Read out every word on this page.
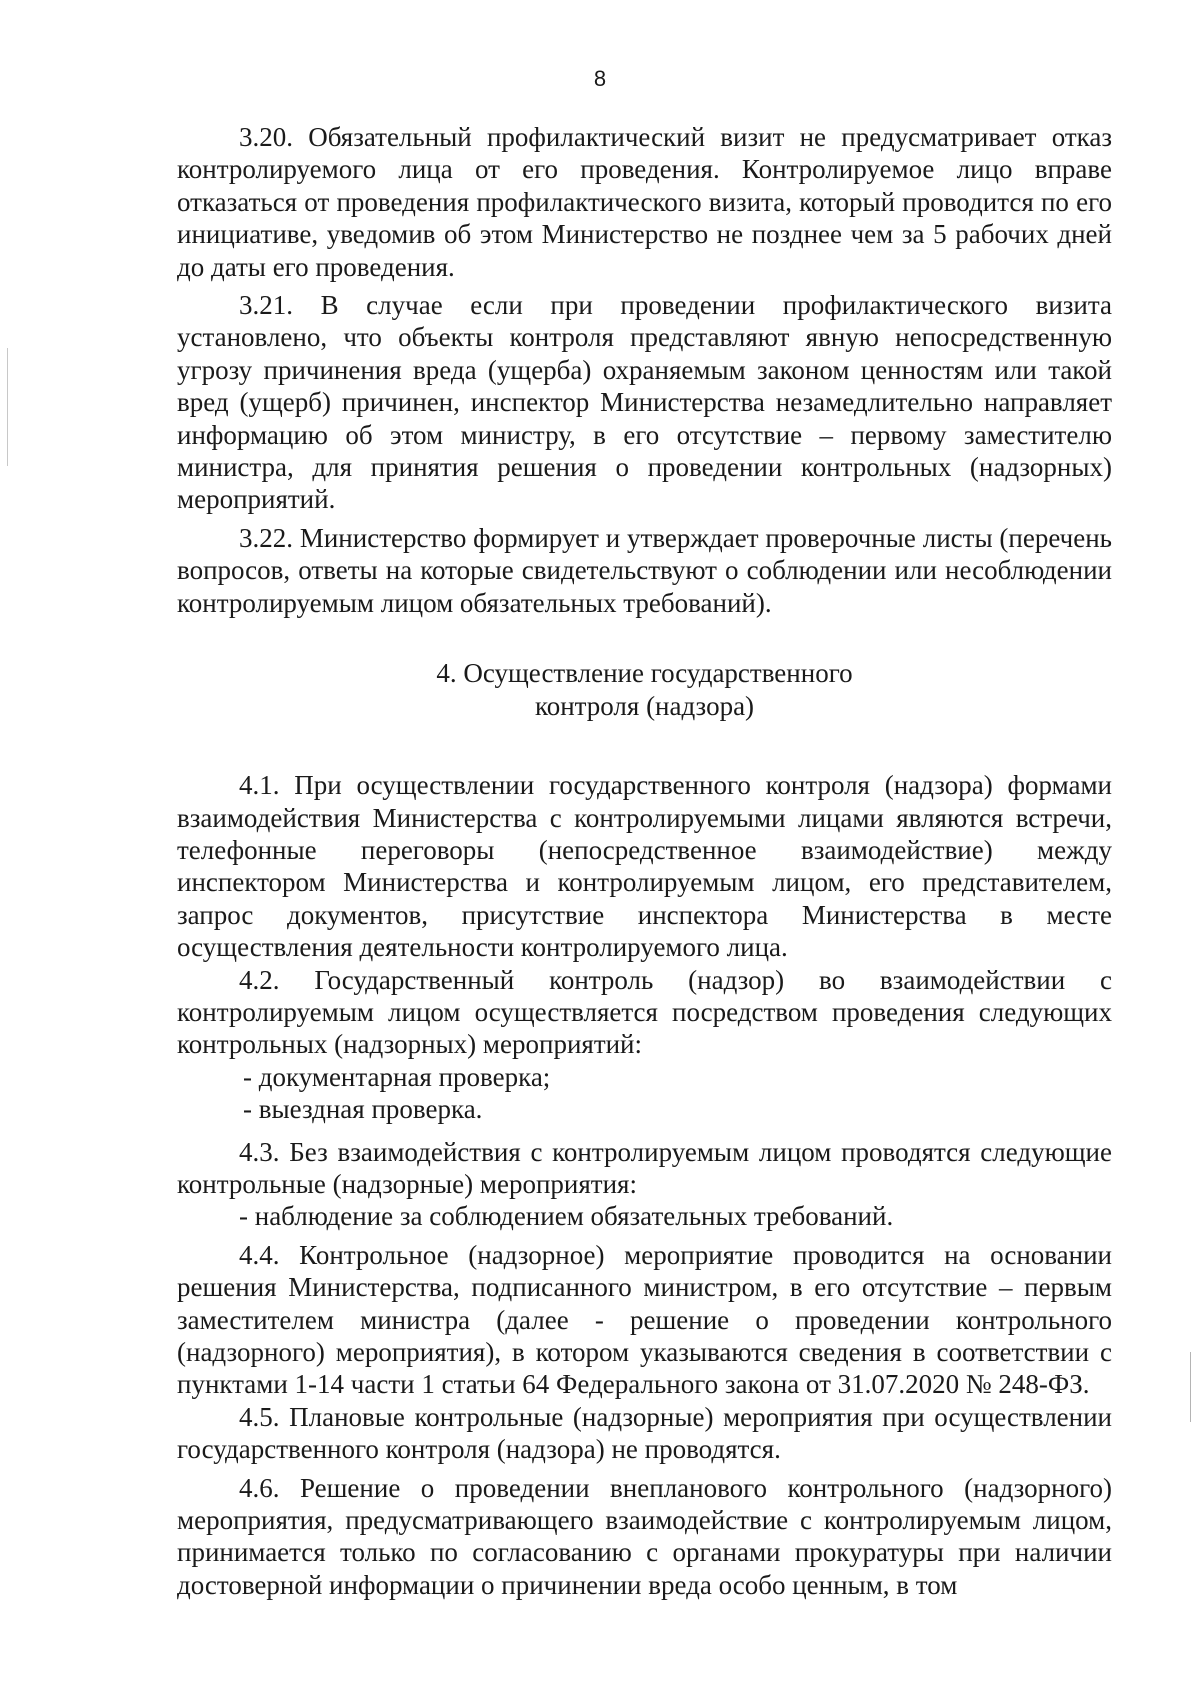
8

3.20. Обязательный профилактический визит не предусматривает отказ контролируемого лица от его проведения. Контролируемое лицо вправе отказаться от проведения профилактического визита, который проводится по его инициативе, уведомив об этом Министерство не позднее чем за 5 рабочих дней до даты его проведения.

3.21. В случае если при проведении профилактического визита установлено, что объекты контроля представляют явную непосредственную угрозу причинения вреда (ущерба) охраняемым законом ценностям или такой вред (ущерб) причинен, инспектор Министерства незамедлительно направляет информацию об этом министру, в его отсутствие – первому заместителю министра, для принятия решения о проведении контрольных (надзорных) мероприятий.

3.22. Министерство формирует и утверждает проверочные листы (перечень вопросов, ответы на которые свидетельствуют о соблюдении или несоблюдении контролируемым лицом обязательных требований).

4. Осуществление государственного
контроля (надзора)

4.1. При осуществлении государственного контроля (надзора) формами взаимодействия Министерства с контролируемыми лицами являются встречи, телефонные переговоры (непосредственное взаимодействие) между инспектором Министерства и контролируемым лицом, его представителем, запрос документов, присутствие инспектора Министерства в месте осуществления деятельности контролируемого лица.

4.2. Государственный контроль (надзор) во взаимодействии с контролируемым лицом осуществляется посредством проведения следующих контрольных (надзорных) мероприятий:

- документарная проверка;
- выездная проверка.

4.3. Без взаимодействия с контролируемым лицом проводятся следующие контрольные (надзорные) мероприятия:

- наблюдение за соблюдением обязательных требований.

4.4. Контрольное (надзорное) мероприятие проводится на основании решения Министерства, подписанного министром, в его отсутствие – первым заместителем министра (далее - решение о проведении контрольного (надзорного) мероприятия), в котором указываются сведения в соответствии с пунктами 1-14 части 1 статьи 64 Федерального закона от 31.07.2020 № 248-ФЗ.

4.5. Плановые контрольные (надзорные) мероприятия при осуществлении государственного контроля (надзора) не проводятся.

4.6. Решение о проведении внепланового контрольного (надзорного) мероприятия, предусматривающего взаимодействие с контролируемым лицом, принимается только по согласованию с органами прокуратуры при наличии достоверной информации о причинении вреда особо ценным, в том
